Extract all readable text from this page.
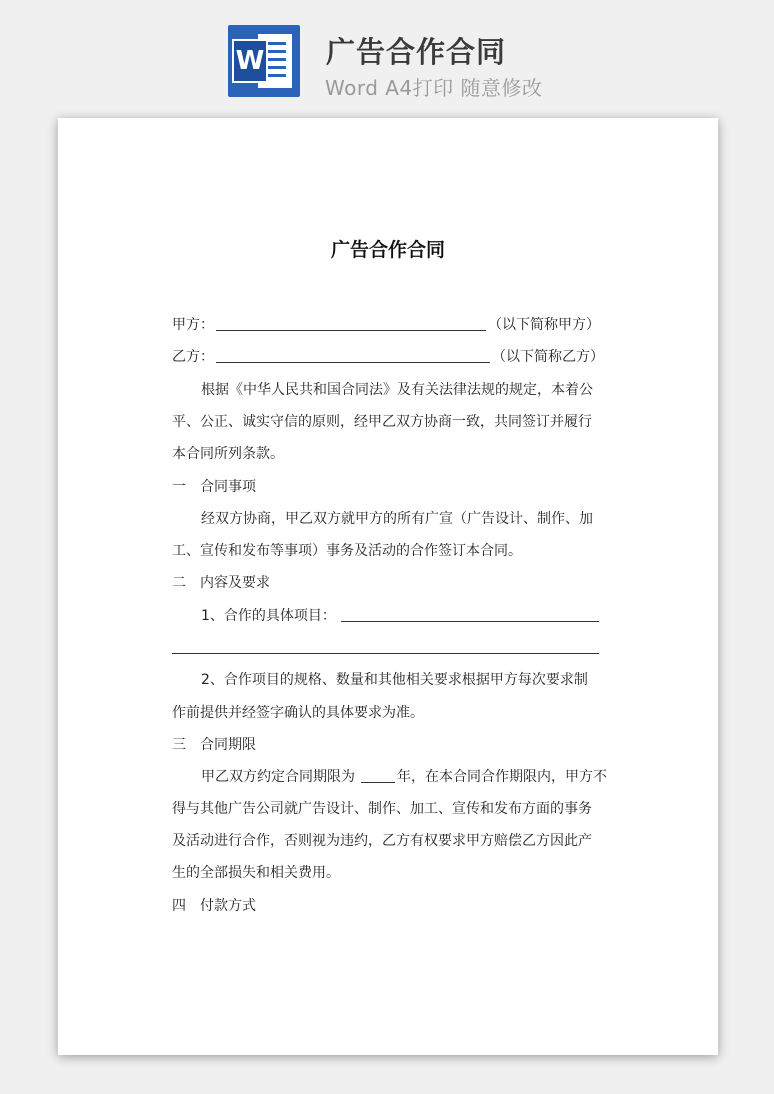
W 广告合作合同
Word A4打印 随意修改
广告合作合同
甲方：	（以下简称甲方）
乙方：	（以下简称乙方）
根据《中华人民共和国合同法》及有关法律法规的规定，本着公
平、公正、诚实守信的原则，经甲乙双方协商一致，共同签订并履行
本合同所列条款。
一　合同事项
经双方协商，甲乙双方就甲方的所有广宣（广告设计、制作、加
工、宣传和发布等事项）事务及活动的合作签订本合同。
二　内容及要求
1、合作的具体项目：
2、合作项目的规格、数量和其他相关要求根据甲方每次要求制
作前提供并经签字确认的具体要求为准。
三　合同期限
甲乙双方约定合同期限为	年，在本合同合作期限内，甲方不
得与其他广告公司就广告设计、制作、加工、宣传和发布方面的事务
及活动进行合作，否则视为违约，乙方有权要求甲方赔偿乙方因此产
生的全部损失和相关费用。
四　付款方式
